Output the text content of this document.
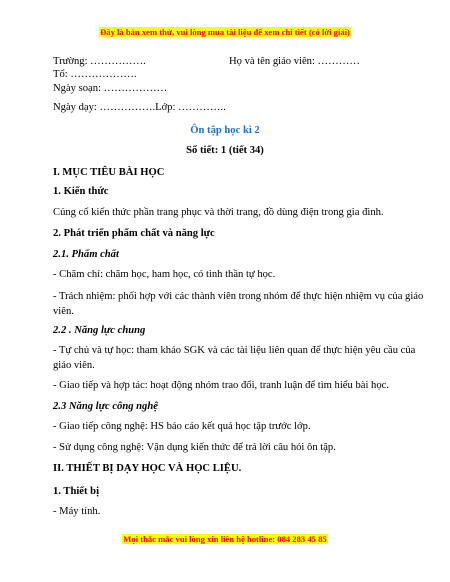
Đây là bản xem thử, vui lòng mua tài liệu để xem chi tiết (có lời giải)
Trường: …………….	Họ và tên giáo viên: …………
Tổ: ……………….
Ngày soạn: ………………
Ngày dạy: …………….Lớp: …………..
Ôn tập học kì 2
Số tiết: 1 (tiết 34)
I. MỤC TIÊU BÀI HỌC
1. Kiến thức
Củng cố kiến thức phần trang phục và thời trang, đồ dùng điện trong gia đình.
2. Phát triển phẩm chất và năng lực
2.1. Phẩm chất
- Chăm chỉ: chăm học, ham học, có tinh thần tự học.
- Trách nhiệm: phối hợp với các thành viên trong nhóm để thực hiện nhiệm vụ của giáo viên.
2.2 . Năng lực chung
- Tự chủ và tự học: tham khảo SGK và các tài liệu liên quan để thực hiện yêu cầu của giáo viên.
- Giao tiếp và hợp tác: hoạt động nhóm trao đổi, tranh luận để tìm hiểu bài học.
2.3 Năng lực công nghệ
- Giao tiếp công nghệ: HS báo cáo kết quả học tập trước lớp.
- Sử dụng công nghệ: Vận dụng kiến thức để trả lời câu hỏi ôn tập.
II. THIẾT BỊ DẠY HỌC VÀ HỌC LIỆU.
1. Thiết bị
- Máy tính.
Mọi thắc mắc vui lòng xin liên hệ hotline: 084 283 45 85
